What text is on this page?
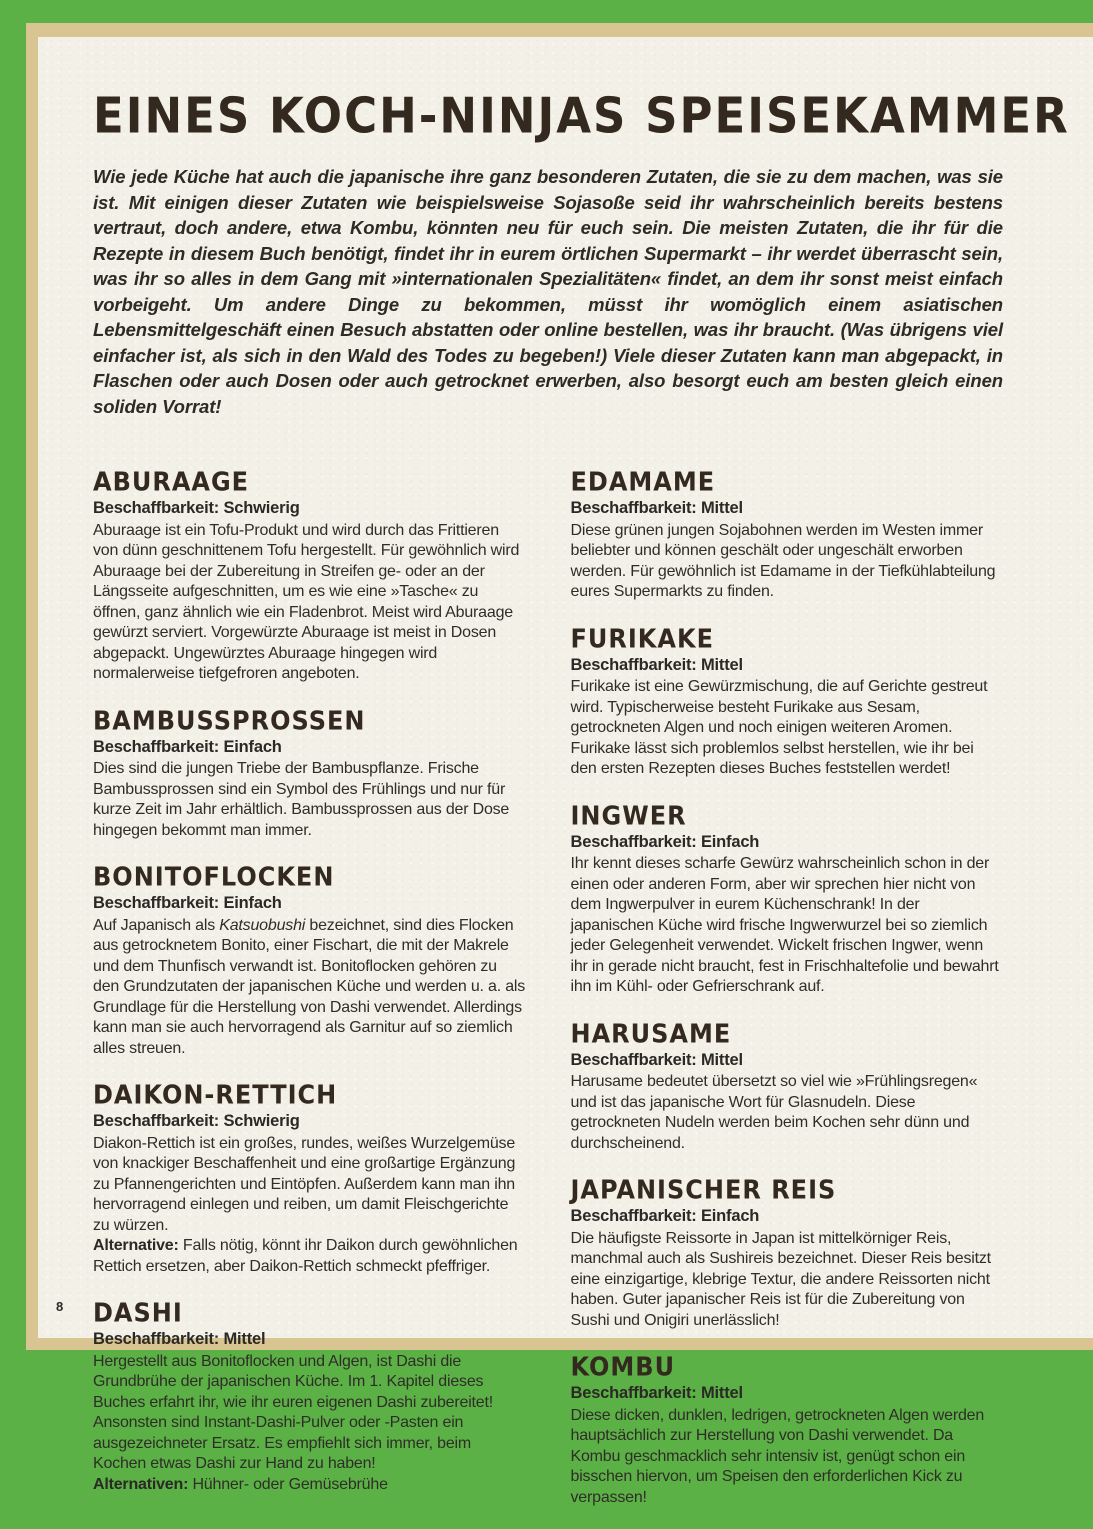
EINES KOCH-NINJAS SPEISEKAMMER

Wie jede Küche hat auch die japanische ihre ganz besonderen Zutaten, die sie zu dem machen, was sie ist. Mit einigen dieser Zutaten wie beispielsweise Sojasoße seid ihr wahrscheinlich bereits bestens vertraut, doch andere, etwa Kombu, könnten neu für euch sein. Die meisten Zutaten, die ihr für die Rezepte in diesem Buch benötigt, findet ihr in eurem örtlichen Supermarkt – ihr werdet überrascht sein, was ihr so alles in dem Gang mit »internationalen Spezialitäten« findet, an dem ihr sonst meist einfach vorbeigeht. Um andere Dinge zu bekommen, müsst ihr womöglich einem asiatischen Lebensmittelgeschäft einen Besuch abstatten oder online bestellen, was ihr braucht. (Was übrigens viel einfacher ist, als sich in den Wald des Todes zu begeben!) Viele dieser Zutaten kann man abgepackt, in Flaschen oder auch Dosen oder auch getrocknet erwerben, also besorgt euch am besten gleich einen soliden Vorrat!

ABURAAGE

Beschaffbarkeit: Schwierig

Aburaage ist ein Tofu-Produkt und wird durch das Frittieren von dünn geschnittenem Tofu hergestellt. Für gewöhnlich wird Aburaage bei der Zubereitung in Streifen ge- oder an der Längsseite aufgeschnitten, um es wie eine »Tasche« zu öffnen, ganz ähnlich wie ein Fladenbrot. Meist wird Aburaage gewürzt serviert. Vorgewürzte Aburaage ist meist in Dosen abgepackt. Ungewürztes Aburaage hingegen wird normalerweise tiefgefroren angeboten.

BAMBUSSPROSSEN

Beschaffbarkeit: Einfach

Dies sind die jungen Triebe der Bambuspflanze. Frische Bambussprossen sind ein Symbol des Frühlings und nur für kurze Zeit im Jahr erhältlich. Bambussprossen aus der Dose hingegen bekommt man immer.

BONITOFLOCKEN

Beschaffbarkeit: Einfach

Auf Japanisch als Katsuobushi bezeichnet, sind dies Flocken aus getrocknetem Bonito, einer Fischart, die mit der Makrele und dem Thunfisch verwandt ist. Bonitoflocken gehören zu den Grundzutaten der japanischen Küche und werden u. a. als Grundlage für die Herstellung von Dashi verwendet. Allerdings kann man sie auch hervorragend als Garnitur auf so ziemlich alles streuen.

DAIKON-RETTICH

Beschaffbarkeit: Schwierig

Diakon-Rettich ist ein großes, rundes, weißes Wurzelgemüse von knackiger Beschaffenheit und eine großartige Ergänzung zu Pfannengerichten und Eintöpfen. Außerdem kann man ihn hervorragend einlegen und reiben, um damit Fleischgerichte zu würzen.

Alternative: Falls nötig, könnt ihr Daikon durch gewöhnlichen Rettich ersetzen, aber Daikon-Rettich schmeckt pfeffriger.

DASHI

Beschaffbarkeit: Mittel

Hergestellt aus Bonitoflocken und Algen, ist Dashi die Grundbrühe der japanischen Küche. Im 1. Kapitel dieses Buches erfahrt ihr, wie ihr euren eigenen Dashi zubereitet! Ansonsten sind Instant-Dashi-Pulver oder -Pasten ein ausgezeichneter Ersatz. Es empfiehlt sich immer, beim Kochen etwas Dashi zur Hand zu haben!

Alternativen: Hühner- oder Gemüsebrühe

EDAMAME

Beschaffbarkeit: Mittel

Diese grünen jungen Sojabohnen werden im Westen immer beliebter und können geschält oder ungeschält erworben werden. Für gewöhnlich ist Edamame in der Tiefkühlabteilung eures Supermarkts zu finden.

FURIKAKE

Beschaffbarkeit: Mittel

Furikake ist eine Gewürzmischung, die auf Gerichte gestreut wird. Typischerweise besteht Furikake aus Sesam, getrockneten Algen und noch einigen weiteren Aromen. Furikake lässt sich problemlos selbst herstellen, wie ihr bei den ersten Rezepten dieses Buches feststellen werdet!

INGWER

Beschaffbarkeit: Einfach

Ihr kennt dieses scharfe Gewürz wahrscheinlich schon in der einen oder anderen Form, aber wir sprechen hier nicht von dem Ingwerpulver in eurem Küchenschrank! In der japanischen Küche wird frische Ingwerwurzel bei so ziemlich jeder Gelegenheit verwendet. Wickelt frischen Ingwer, wenn ihr in gerade nicht braucht, fest in Frischhaltefolie und bewahrt ihn im Kühl- oder Gefrierschrank auf.

HARUSAME

Beschaffbarkeit: Mittel

Harusame bedeutet übersetzt so viel wie »Frühlingsregen« und ist das japanische Wort für Glasnudeln. Diese getrockneten Nudeln werden beim Kochen sehr dünn und durchscheinend.

JAPANISCHER REIS

Beschaffbarkeit: Einfach

Die häufigste Reissorte in Japan ist mittelkörniger Reis, manchmal auch als Sushireis bezeichnet. Dieser Reis besitzt eine einzigartige, klebrige Textur, die andere Reissorten nicht haben. Guter japanischer Reis ist für die Zubereitung von Sushi und Onigiri unerlässlich!

KOMBU

Beschaffbarkeit: Mittel

Diese dicken, dunklen, ledrigen, getrockneten Algen werden hauptsächlich zur Herstellung von Dashi verwendet. Da Kombu geschmacklich sehr intensiv ist, genügt schon ein bisschen hiervon, um Speisen den erforderlichen Kick zu verpassen!

8
